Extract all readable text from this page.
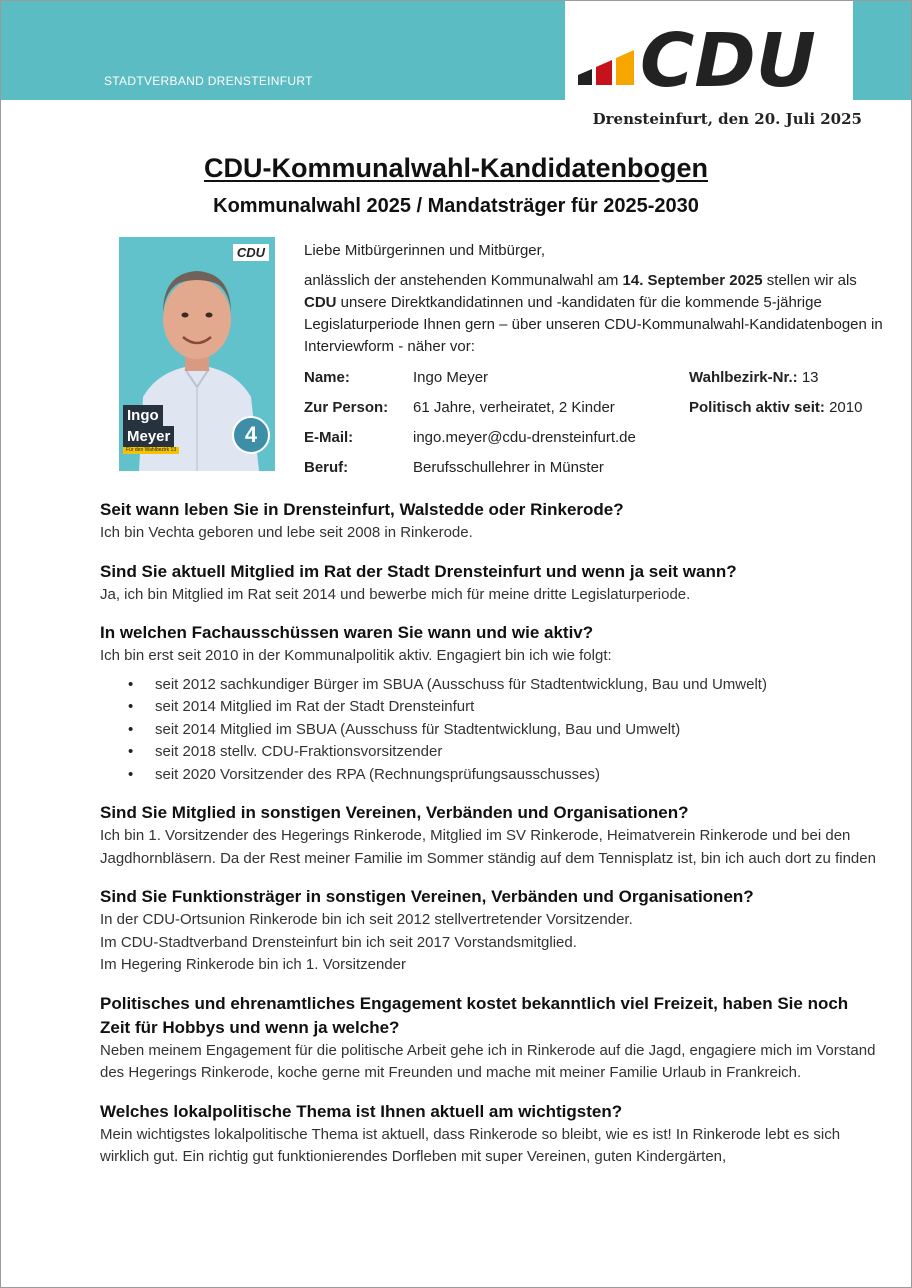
STADTVERBAND DRENSTEINFURT	CDU
Drensteinfurt, den 20. Juli 2025
CDU-Kommunalwahl-Kandidatenbogen
Kommunalwahl 2025 / Mandatsträger für 2025-2030
CDU
Ingo
Meyer
Für den Wahlbezirk 13
4

Liebe Mitbürgerinnen und Mitbürger,

anlässlich der anstehenden Kommunalwahl am 14. September 2025 stellen wir als CDU unsere Direktkandidatinnen und -kandidaten für die kommende 5-jährige Legislaturperiode Ihnen gern – über unseren CDU-Kommunalwahl-Kandidatenbogen in Interviewform - näher vor:

Name:	Ingo Meyer	Wahlbezirk-Nr.: 13
Zur Person: 61 Jahre, verheiratet, 2 Kinder	Politisch aktiv seit: 2010
E-Mail:	ingo.meyer@cdu-drensteinfurt.de
Beruf:	Berufsschullehrer in Münster

Seit wann leben Sie in Drensteinfurt, Walstedde oder Rinkerode?

Ich bin Vechta geboren und lebe seit 2008 in Rinkerode.

Sind Sie aktuell Mitglied im Rat der Stadt Drensteinfurt und wenn ja seit wann?

Ja, ich bin Mitglied im Rat seit 2014 und bewerbe mich für meine dritte Legislaturperiode.

In welchen Fachausschüssen waren Sie wann und wie aktiv?

Ich bin erst seit 2010 in der Kommunalpolitik aktiv. Engagiert bin ich wie folgt:

• seit 2012 sachkundiger Bürger im SBUA (Ausschuss für Stadtentwicklung, Bau und Umwelt)
• seit 2014 Mitglied im Rat der Stadt Drensteinfurt
• seit 2014 Mitglied im SBUA (Ausschuss für Stadtentwicklung, Bau und Umwelt)
• seit 2018 stellv. CDU-Fraktionsvorsitzender
• seit 2020 Vorsitzender des RPA (Rechnungsprüfungsausschusses)

Sind Sie Mitglied in sonstigen Vereinen, Verbänden und Organisationen?

Ich bin 1. Vorsitzender des Hegerings Rinkerode, Mitglied im SV Rinkerode, Heimatverein Rinkerode und bei den Jagdhornbläsern. Da der Rest meiner Familie im Sommer ständig auf dem Tennisplatz ist, bin ich auch dort zu finden

Sind Sie Funktionsträger in sonstigen Vereinen, Verbänden und Organisationen?

In der CDU-Ortsunion Rinkerode bin ich seit 2012 stellvertretender Vorsitzender.

Im CDU-Stadtverband Drensteinfurt bin ich seit 2017 Vorstandsmitglied.

Im Hegering Rinkerode bin ich 1. Vorsitzender

Politisches und ehrenamtliches Engagement kostet bekanntlich viel Freizeit, haben Sie noch Zeit für Hobbys und wenn ja welche?

Neben meinem Engagement für die politische Arbeit gehe ich in Rinkerode auf die Jagd, engagiere mich im Vorstand des Hegerings Rinkerode, koche gerne mit Freunden und mache mit meiner Familie Urlaub in Frankreich.

Welches lokalpolitische Thema ist Ihnen aktuell am wichtigsten?

Mein wichtigstes lokalpolitische Thema ist aktuell, dass Rinkerode so bleibt, wie es ist! In Rinkerode lebt es sich wirklich gut. Ein richtig gut funktionierendes Dorfleben mit super Vereinen, guten Kindergärten,
